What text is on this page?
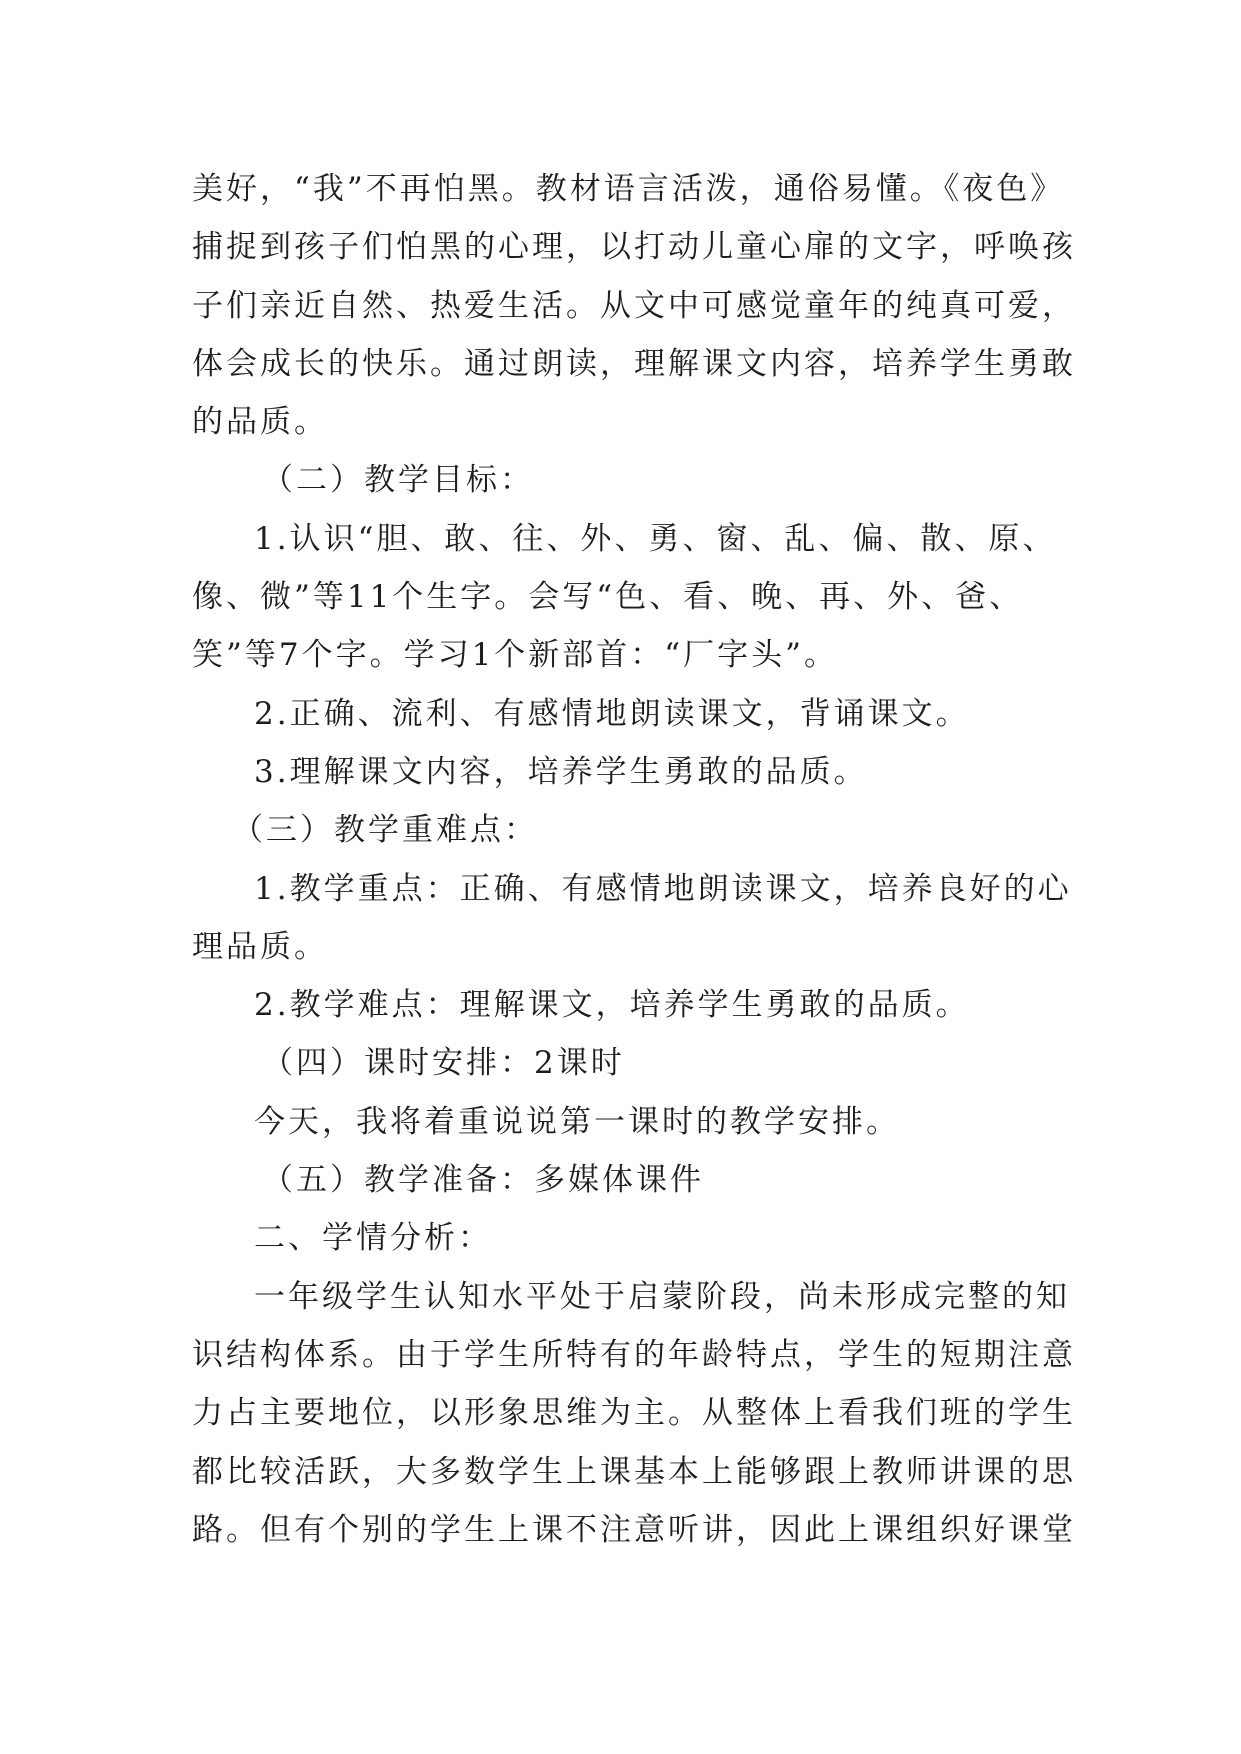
美好，“我”不再怕黑。教材语言活泼，通俗易懂。《夜色》
捕捉到孩子们怕黑的心理，以打动儿童心扉的文字，呼唤孩
子们亲近自然、热爱生活。从文中可感觉童年的纯真可爱，
体会成长的快乐。通过朗读，理解课文内容，培养学生勇敢
的品质。
（二）教学目标：
1.认识“胆、敢、往、外、勇、窗、乱、偏、散、原、
像、微”等11个生字。会写“色、看、晚、再、外、爸、
笑”等7个字。学习1个新部首：“厂字头”。
2.正确、流利、有感情地朗读课文，背诵课文。
3.理解课文内容，培养学生勇敢的品质。
（三）教学重难点：
1.教学重点：正确、有感情地朗读课文，培养良好的心
理品质。
2.教学难点：理解课文，培养学生勇敢的品质。
（四）课时安排：2课时
今天，我将着重说说第一课时的教学安排。
（五）教学准备：多媒体课件
二、学情分析：
一年级学生认知水平处于启蒙阶段，尚未形成完整的知
识结构体系。由于学生所特有的年龄特点，学生的短期注意
力占主要地位，以形象思维为主。从整体上看我们班的学生
都比较活跃，大多数学生上课基本上能够跟上教师讲课的思
路。但有个别的学生上课不注意听讲，因此上课组织好课堂
